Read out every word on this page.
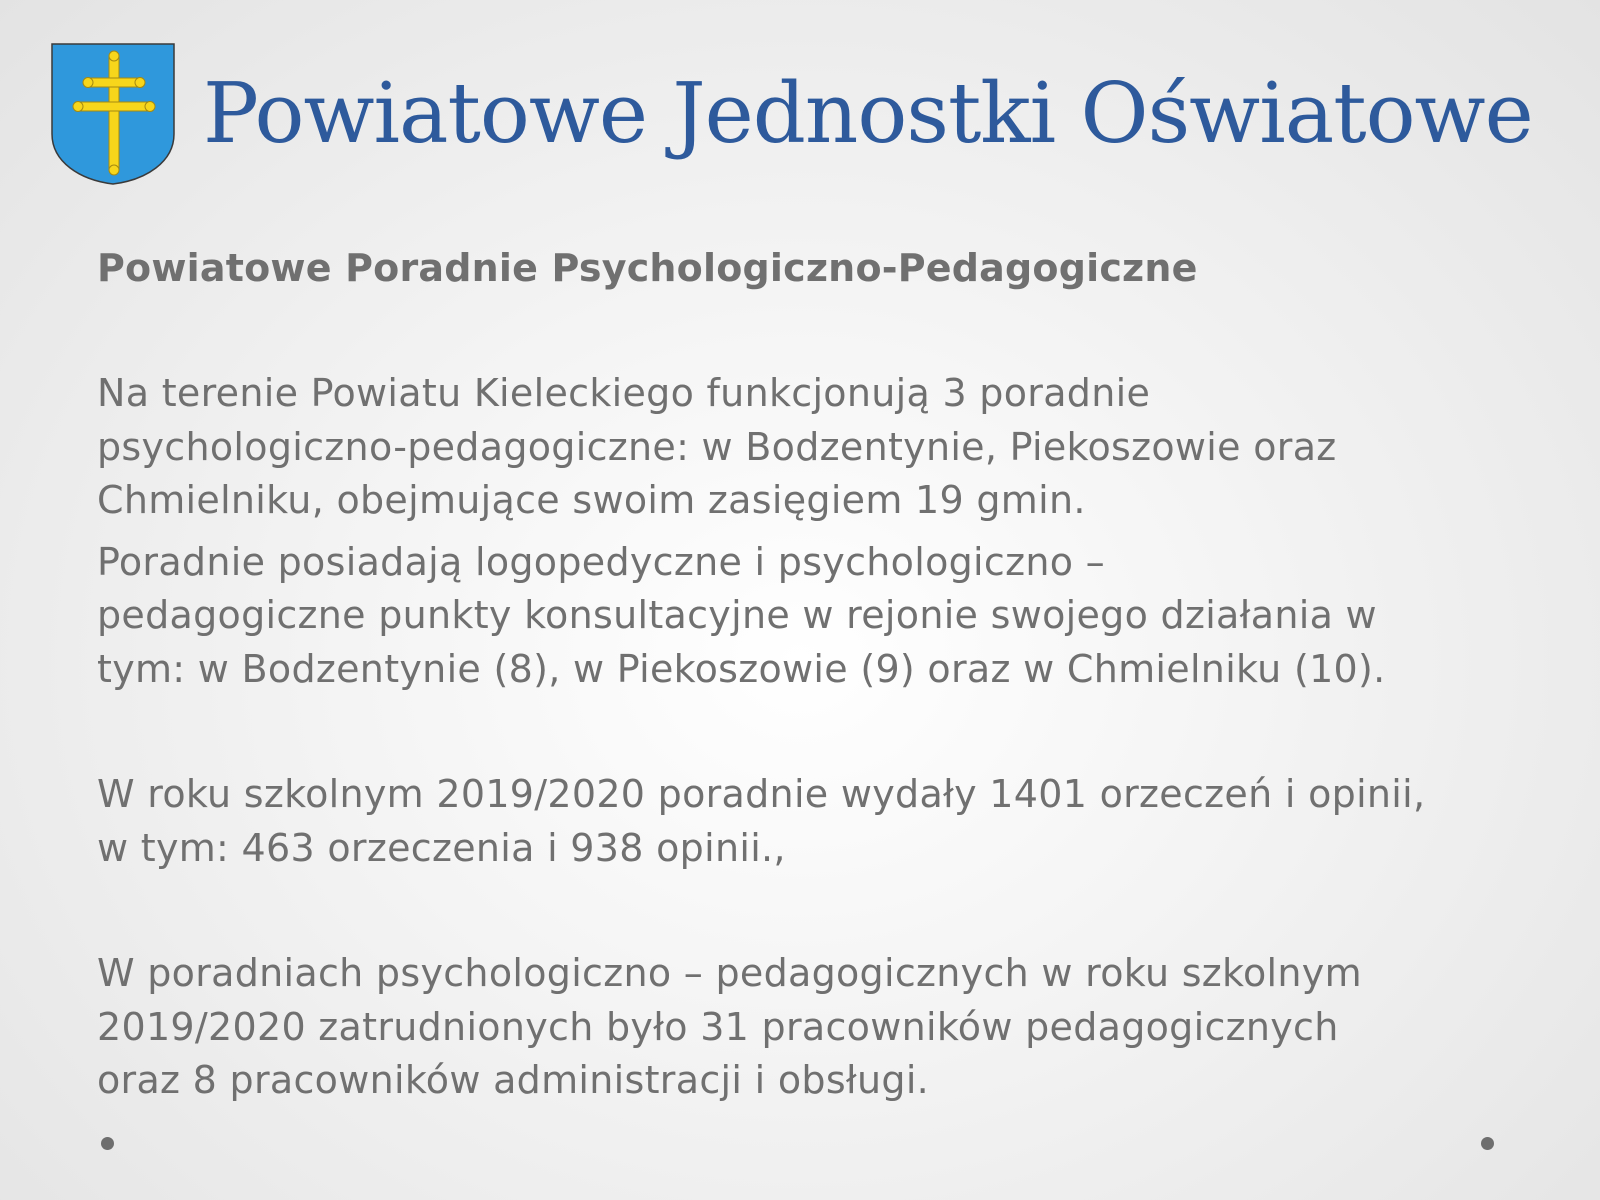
Powiatowe Jednostki Oświatowe
Powiatowe Poradnie Psychologiczno-Pedagogiczne

Na terenie Powiatu Kieleckiego funkcjonują 3 poradnie
psychologiczno-pedagogiczne: w Bodzentynie, Piekoszowie oraz
Chmielniku, obejmujące swoim zasięgiem 19 gmin.

Poradnie posiadają logopedyczne i psychologiczno –
pedagogiczne punkty konsultacyjne w rejonie swojego działania w
tym: w Bodzentynie (8), w Piekoszowie (9) oraz w Chmielniku (10).

W roku szkolnym 2019/2020 poradnie wydały 1401 orzeczeń i opinii,
w tym: 463 orzeczenia i 938 opinii.,

W poradniach psychologiczno – pedagogicznych w roku szkolnym
2019/2020 zatrudnionych było 31 pracowników pedagogicznych
oraz 8 pracowników administracji i obsługi.
